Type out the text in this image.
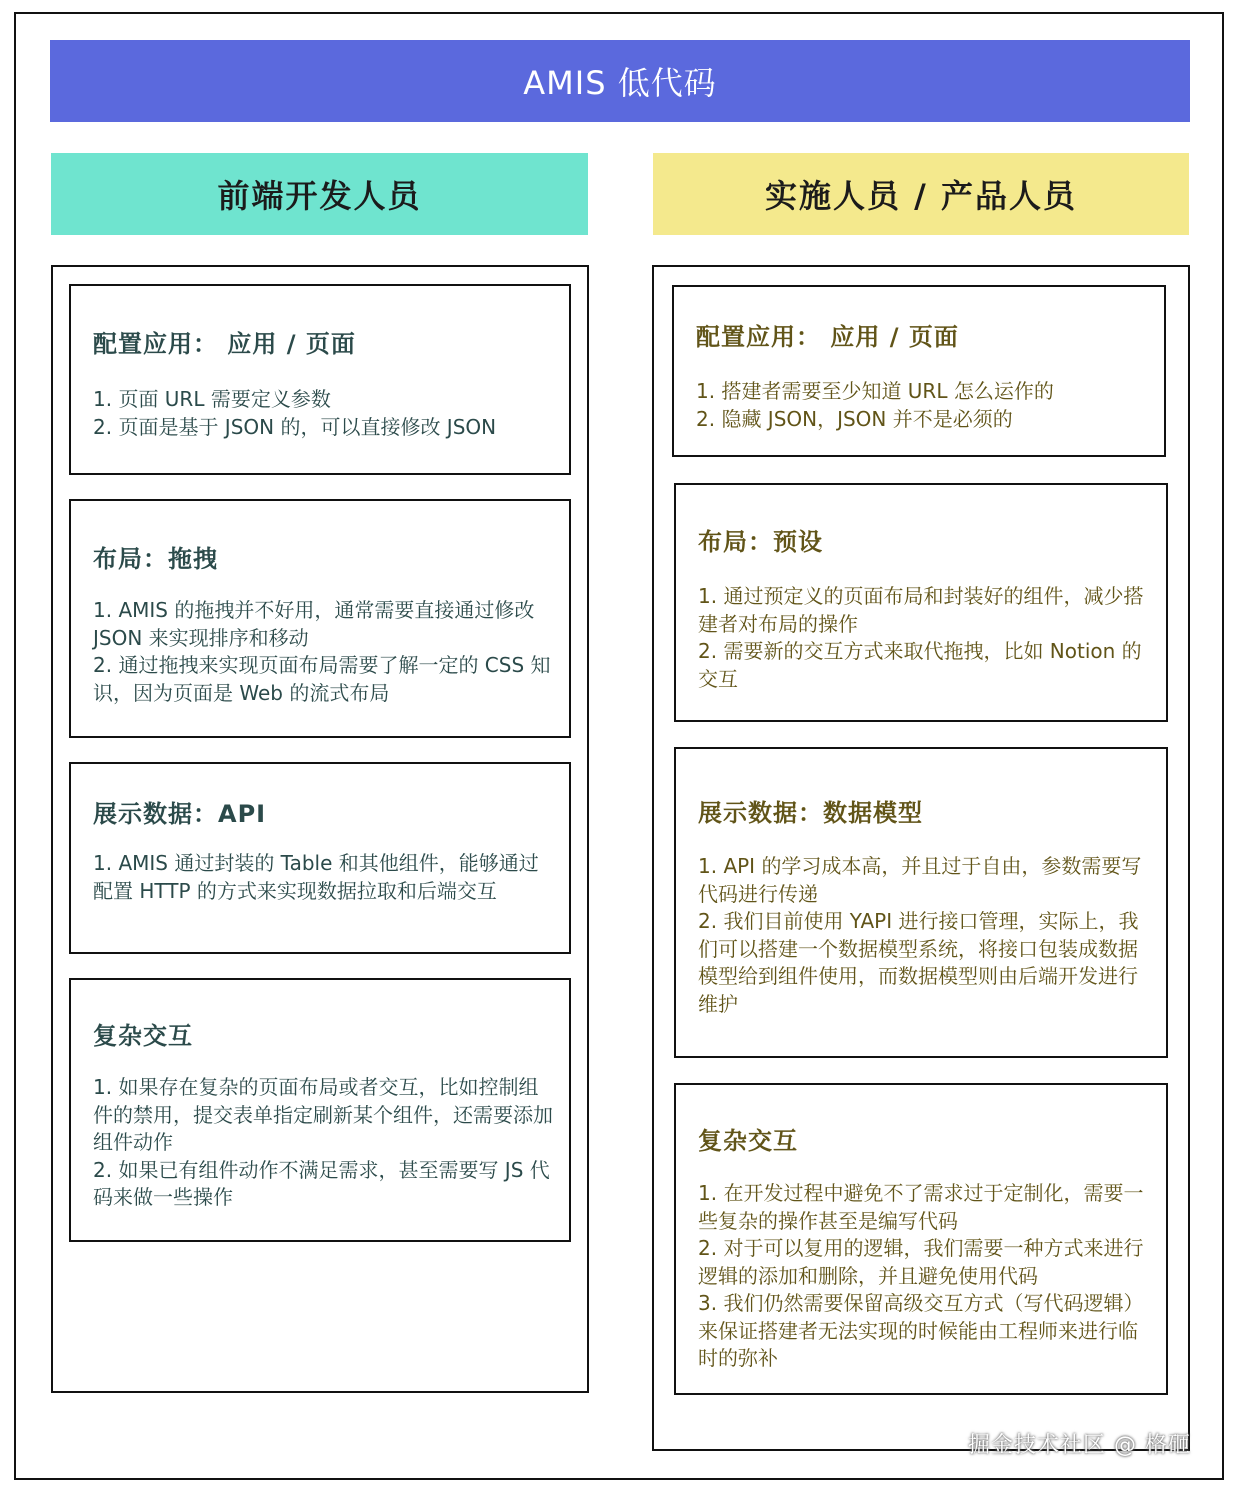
AMIS 低代码
前端开发人员	实施人员 / 产品人员
配置应用： 应用 / 页面
1. 页面 URL 需要定义参数
2. 页面是基于 JSON 的，可以直接修改 JSON
布局：拖拽
1. AMIS 的拖拽并不好用，通常需要直接通过修改 JSON 来实现排序和移动
2. 通过拖拽来实现页面布局需要了解一定的 CSS 知识，因为页面是 Web 的流式布局
展示数据：API
1. AMIS 通过封装的 Table 和其他组件，能够通过配置 HTTP 的方式来实现数据拉取和后端交互
复杂交互
1. 如果存在复杂的页面布局或者交互，比如控制组件的禁用，提交表单指定刷新某个组件，还需要添加组件动作
2. 如果已有组件动作不满足需求，甚至需要写 JS 代码来做一些操作
配置应用： 应用 / 页面
1. 搭建者需要至少知道 URL 怎么运作的
2. 隐藏 JSON，JSON 并不是必须的
布局：预设
1. 通过预定义的页面布局和封装好的组件，减少搭建者对布局的操作
2. 需要新的交互方式来取代拖拽，比如 Notion 的交互
展示数据：数据模型
1. API 的学习成本高，并且过于自由，参数需要写代码进行传递
2. 我们目前使用 YAPI 进行接口管理，实际上，我们可以搭建一个数据模型系统，将接口包装成数据模型给到组件使用，而数据模型则由后端开发进行维护
复杂交互
1. 在开发过程中避免不了需求过于定制化，需要一些复杂的操作甚至是编写代码
2. 对于可以复用的逻辑，我们需要一种方式来进行逻辑的添加和删除，并且避免使用代码
3. 我们仍然需要保留高级交互方式（写代码逻辑）来保证搭建者无法实现的时候能由工程师来进行临时的弥补
掘金技术社区 @ 格砸
